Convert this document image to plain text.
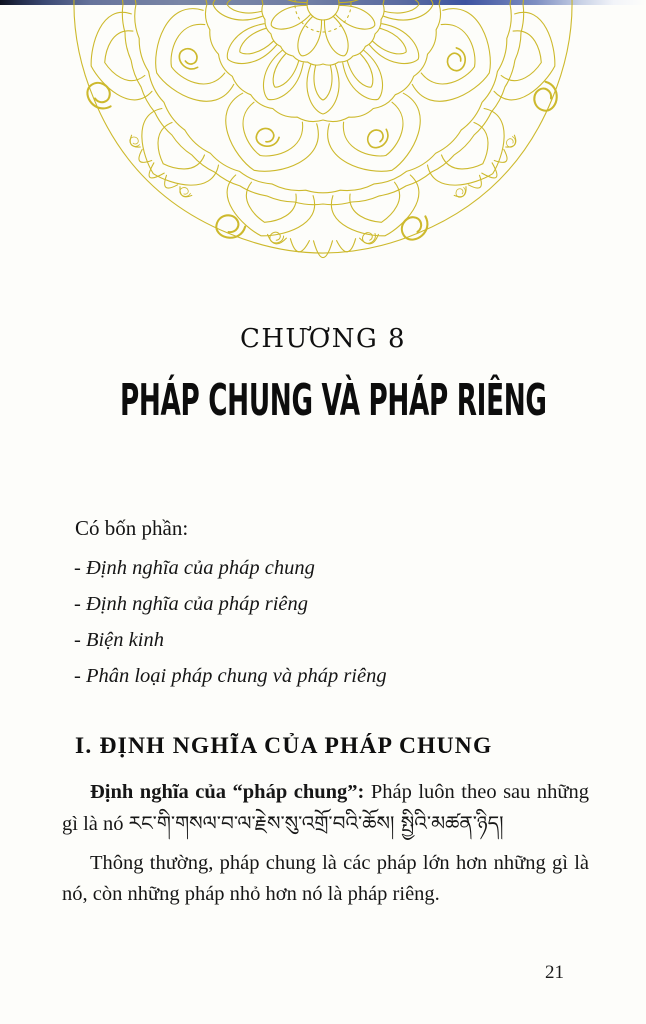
CHƯƠNG 8
PHÁP CHUNG VÀ PHÁP RIÊNG
Có bốn phần:
- Định nghĩa của pháp chung
- Định nghĩa của pháp riêng
- Biện kinh
- Phân loại pháp chung và pháp riêng
I. ĐỊNH NGHĨA CỦA PHÁP CHUNG

Định nghĩa của “pháp chung”: Pháp luôn theo sau những gì là nó རང་གི་གསལ་བ་ལ་རྗེས་སུ་འགྲོ་བའི་ཆོས། སྤྱིའི་མཚན་ཉིད།

Thông thường, pháp chung là các pháp lớn hơn những gì là nó, còn những pháp nhỏ hơn nó là pháp riêng.

21
